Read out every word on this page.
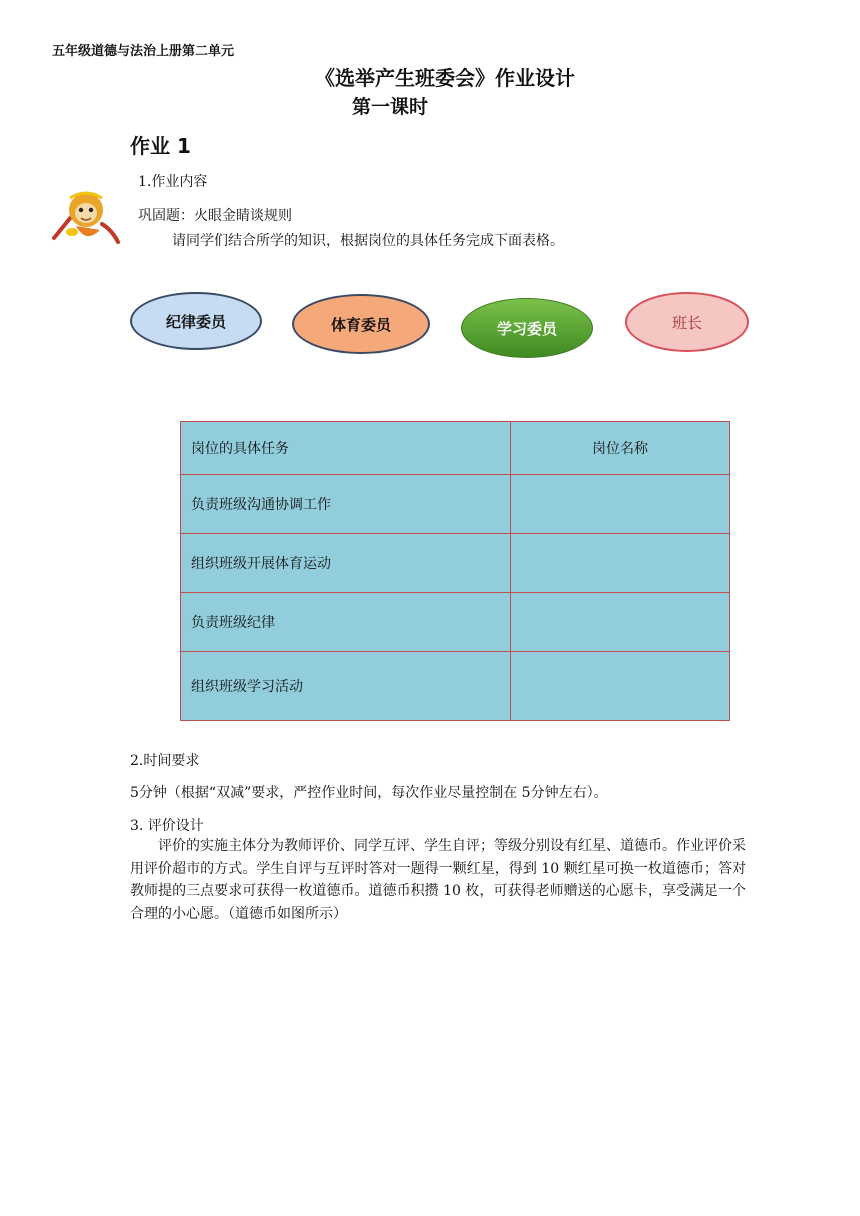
五年级道德与法治上册第二单元
《选举产生班委会》作业设计
第一课时
作业 1
1.作业内容
巩固题：火眼金睛谈规则
请同学们结合所学的知识，根据岗位的具体任务完成下面表格。
纪律委员	体育委员	学习委员	班长
岗位的具体任务	岗位名称
负责班级沟通协调工作	
组织班级开展体育运动	
负责班级纪律	
组织班级学习活动	
2.时间要求
5分钟（根据“双减”要求，严控作业时间，每次作业尽量控制在 5分钟左右）。
3. 评价设计
评价的实施主体分为教师评价、同学互评、学生自评；等级分别设有红星、道德币。作业评价采用评价超市的方式。学生自评与互评时答对一题得一颗红星，得到 10 颗红星可换一枚道德币；答对教师提的三点要求可获得一枚道德币。道德币积攒 10 枚，可获得老师赠送的心愿卡，享受满足一个合理的小心愿。（道德币如图所示）
